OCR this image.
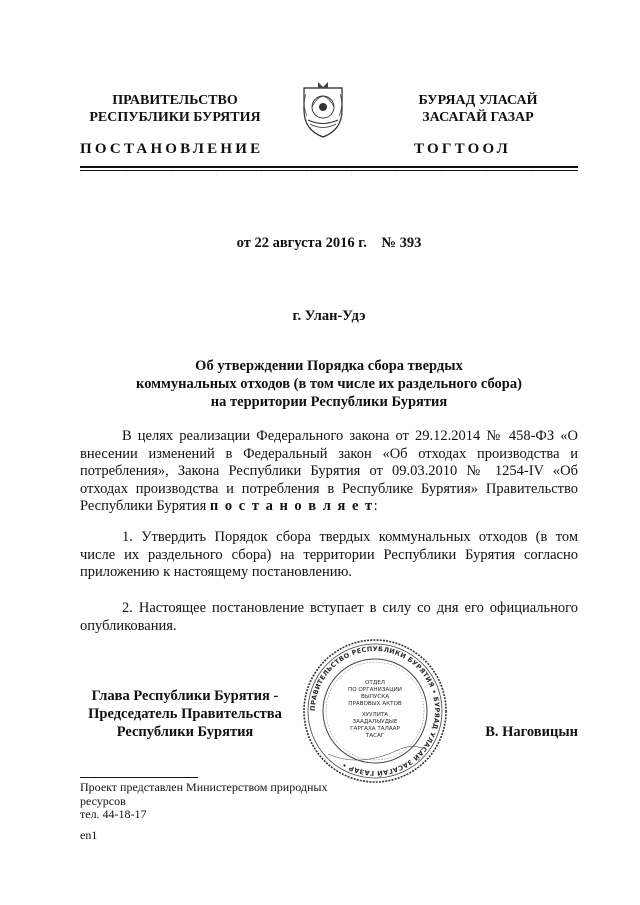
ПРАВИТЕЛЬСТВО
РЕСПУБЛИКИ БУРЯТИЯ
БУРЯАД УЛАСАЙ
ЗАСАГАЙ ГАЗАР
ПОСТАНОВЛЕНИЕ	ТОГТООЛ
·	·	·	·	·	·	·	·	·	·	·	·
от 22 августа 2016 г.    № 393
г. Улан-Удэ
Об утверждении Порядка сбора твердых
коммунальных отходов (в том числе их раздельного сбора)
на территории Республики Бурятия
В целях реализации Федерального закона от 29.12.2014 № 458-ФЗ «О внесении изменений в Федеральный закон «Об отходах производства и потребления», Закона Республики Бурятия от 09.03.2010 № 1254-IV «Об отходах производства и потребления в Республике Бурятия» Правительство Республики Бурятия п о с т а н о в л я е т:
1. Утвердить Порядок сбора твердых коммунальных отходов (в том числе их раздельного сбора) на территории Республики Бурятия согласно приложению к настоящему постановлению.
2. Настоящее постановление вступает в силу со дня его официального опубликования.
Глава Республики Бурятия -
Председатель Правительства
Республики Бурятия
ПРАВИТЕЛЬСТВО РЕСПУБЛИКИ БУРЯТИЯ • БУРЯАД УЛАСАЙ ЗАСАГАЙ ГАЗАР •
ОТДЕЛ
ПО ОРГАНИЗАЦИИ
ВЫПУСКА
ПРАВОВЫХ АКТОВ
ХУУЛИТА
ЗААДАЛЫУДЫЕ
ГАРГАХА ТАЛААР
ТАСАГ	В. Наговицын
Проект представлен Министерством природных
ресурсов
тел. 44-18-17
en1
